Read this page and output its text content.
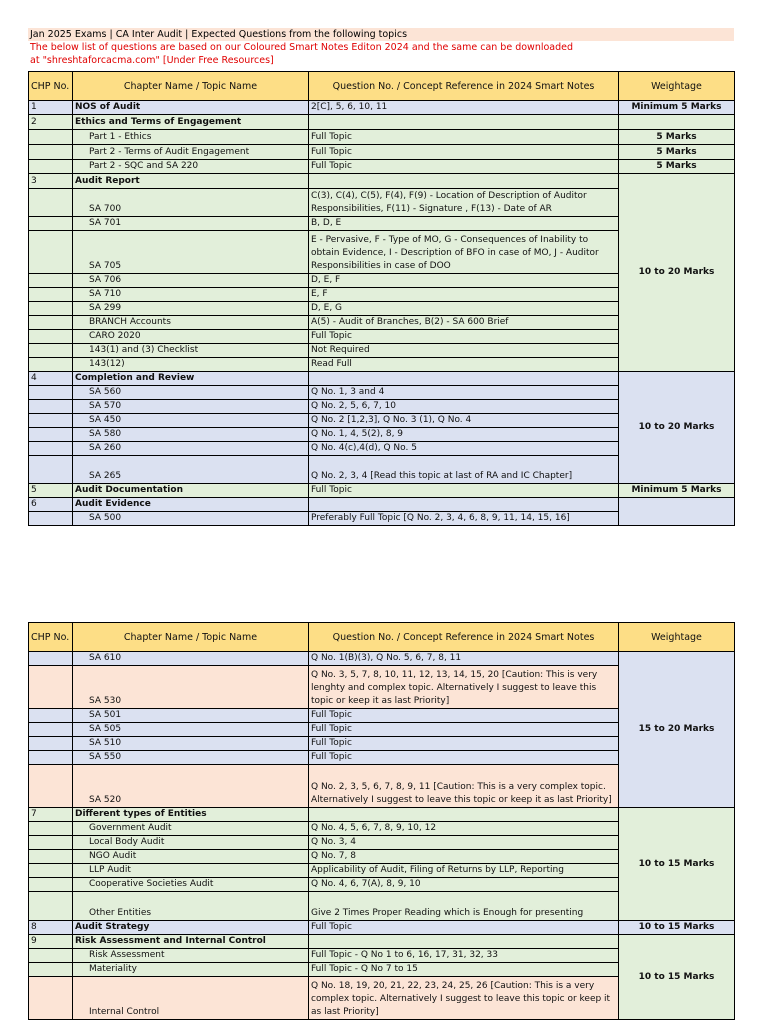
Jan 2025 Exams | CA Inter Audit | Expected Questions from the following topics
The below list of questions are based on our Coloured Smart Notes Editon 2024 and the same can be downloaded
at "shreshtaforcacma.com" [Under Free Resources]
CHP No.	Chapter Name / Topic Name	Question No. / Concept Reference in 2024 Smart Notes	Weightage
1	NOS of Audit	2[C], 5, 6, 10, 11	Minimum 5 Marks
2	Ethics and Terms of Engagement		
	Part 1 - Ethics	Full Topic	5 Marks
	Part 2 - Terms of Audit Engagement	Full Topic	5 Marks
	Part 2 - SQC and SA 220	Full Topic	5 Marks
3	Audit Report		10 to 20 Marks
	SA 700	C(3), C(4), C(5), F(4), F(9) - Location of Description of Auditor Responsibilities, F(11) - Signature , F(13) - Date of AR	
	SA 701	B, D, E	
	SA 705	E - Pervasive, F - Type of MO, G - Consequences of Inability to obtain Evidence, I - Description of BFO in case of MO, J - Auditor Responsibilities in case of DOO	
	SA 706	D, E, F	
	SA 710	E, F	
	SA 299	D, E, G	
	BRANCH Accounts	A(5) - Audit of Branches, B(2) - SA 600 Brief	
	CARO 2020	Full Topic	
	143(1) and (3) Checklist	Not Required	
	143(12)	Read Full	
4	Completion and Review		10 to 20 Marks
	SA 560	Q No. 1, 3 and 4	
	SA 570	Q No. 2, 5, 6, 7, 10	
	SA 450	Q No. 2 [1,2,3], Q No. 3 (1), Q No. 4	
	SA 580	Q No. 1, 4, 5(2), 8, 9	
	SA 260	Q No. 4(c),4(d), Q No. 5	
	SA 265	Q No. 2, 3, 4 [Read this topic at last of RA and IC Chapter]	
5	Audit Documentation	Full Topic	Minimum 5 Marks
6	Audit Evidence		
	SA 500	Preferably Full Topic [Q No. 2, 3, 4, 6, 8, 9, 11, 14, 15, 16]	
CHP No.	Chapter Name / Topic Name	Question No. / Concept Reference in 2024 Smart Notes	Weightage
	SA 610	Q No. 1(B)(3), Q No. 5, 6, 7, 8, 11	15 to 20 Marks
	SA 530	Q No. 3, 5, 7, 8, 10, 11, 12, 13, 14, 15, 20 [Caution: This is very lenghty and complex topic. Alternatively I suggest to leave this topic or keep it as last Priority]	
	SA 501	Full Topic	
	SA 505	Full Topic	
	SA 510	Full Topic	
	SA 550	Full Topic	
	SA 520	Q No. 2, 3, 5, 6, 7, 8, 9, 11 [Caution: This is a very complex topic. Alternatively I suggest to leave this topic or keep it as last Priority]	
7	Different types of Entities		10 to 15 Marks
	Government Audit	Q No. 4, 5, 6, 7, 8, 9, 10, 12	
	Local Body Audit	Q No. 3, 4	
	NGO Audit	Q No. 7, 8	
	LLP Audit	Applicability of Audit, Filing of Returns by LLP, Reporting	
	Cooperative Societies Audit	Q No. 4, 6, 7(A), 8, 9, 10	
	Other Entities	Give 2 Times Proper Reading which is Enough for presenting	
8	Audit Strategy	Full Topic	10 to 15 Marks
9	Risk Assessment and Internal Control		10 to 15 Marks
	Risk Assessment	Full Topic - Q No 1 to 6, 16, 17, 31, 32, 33	
	Materiality	Full Topic - Q No 7 to 15	
	Internal Control	Q No. 18, 19, 20, 21, 22, 23, 24, 25, 26 [Caution: This is a very complex topic. Alternatively I suggest to leave this topic or keep it as last Priority]	
